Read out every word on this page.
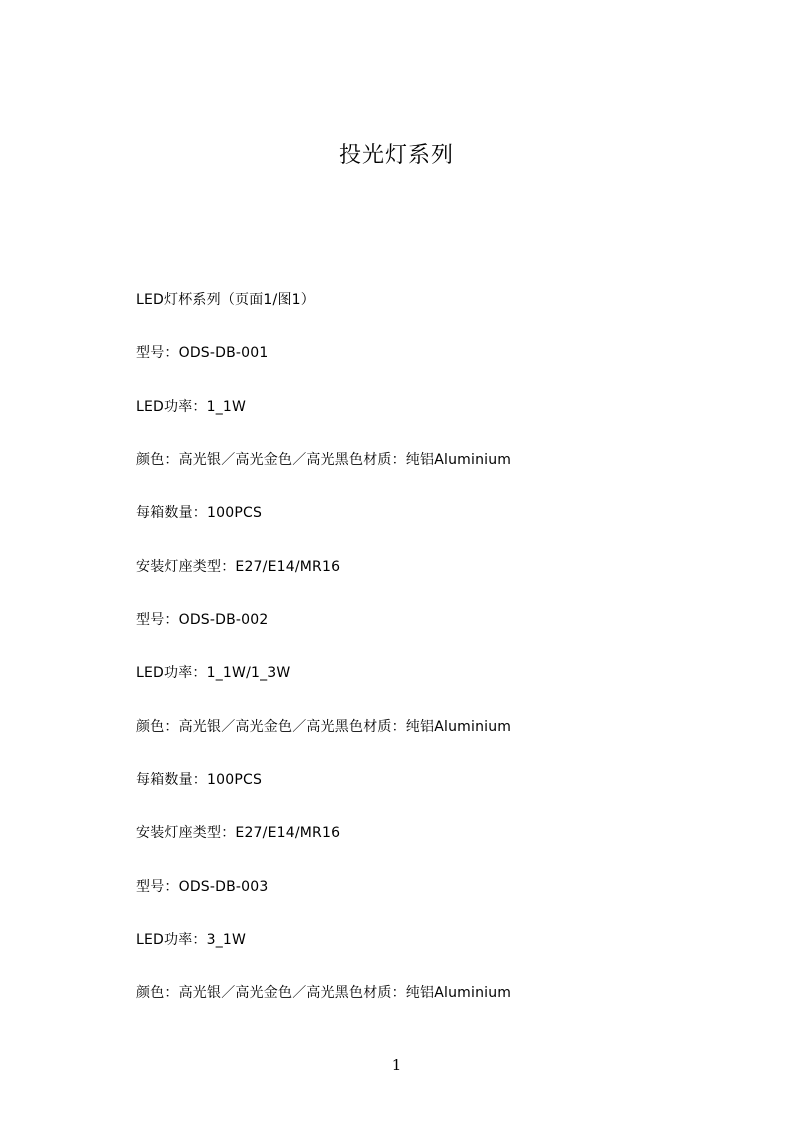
投光灯系列
LED灯杯系列（页面1/图1）
型号：ODS-DB-001
LED功率：1_1W
颜色：高光银／高光金色／高光黑色材质：纯铝Aluminium
每箱数量：100PCS
安装灯座类型：E27/E14/MR16
型号：ODS-DB-002
LED功率：1_1W/1_3W
颜色：高光银／高光金色／高光黑色材质：纯铝Aluminium
每箱数量：100PCS
安装灯座类型：E27/E14/MR16
型号：ODS-DB-003
LED功率：3_1W
颜色：高光银／高光金色／高光黑色材质：纯铝Aluminium
1
